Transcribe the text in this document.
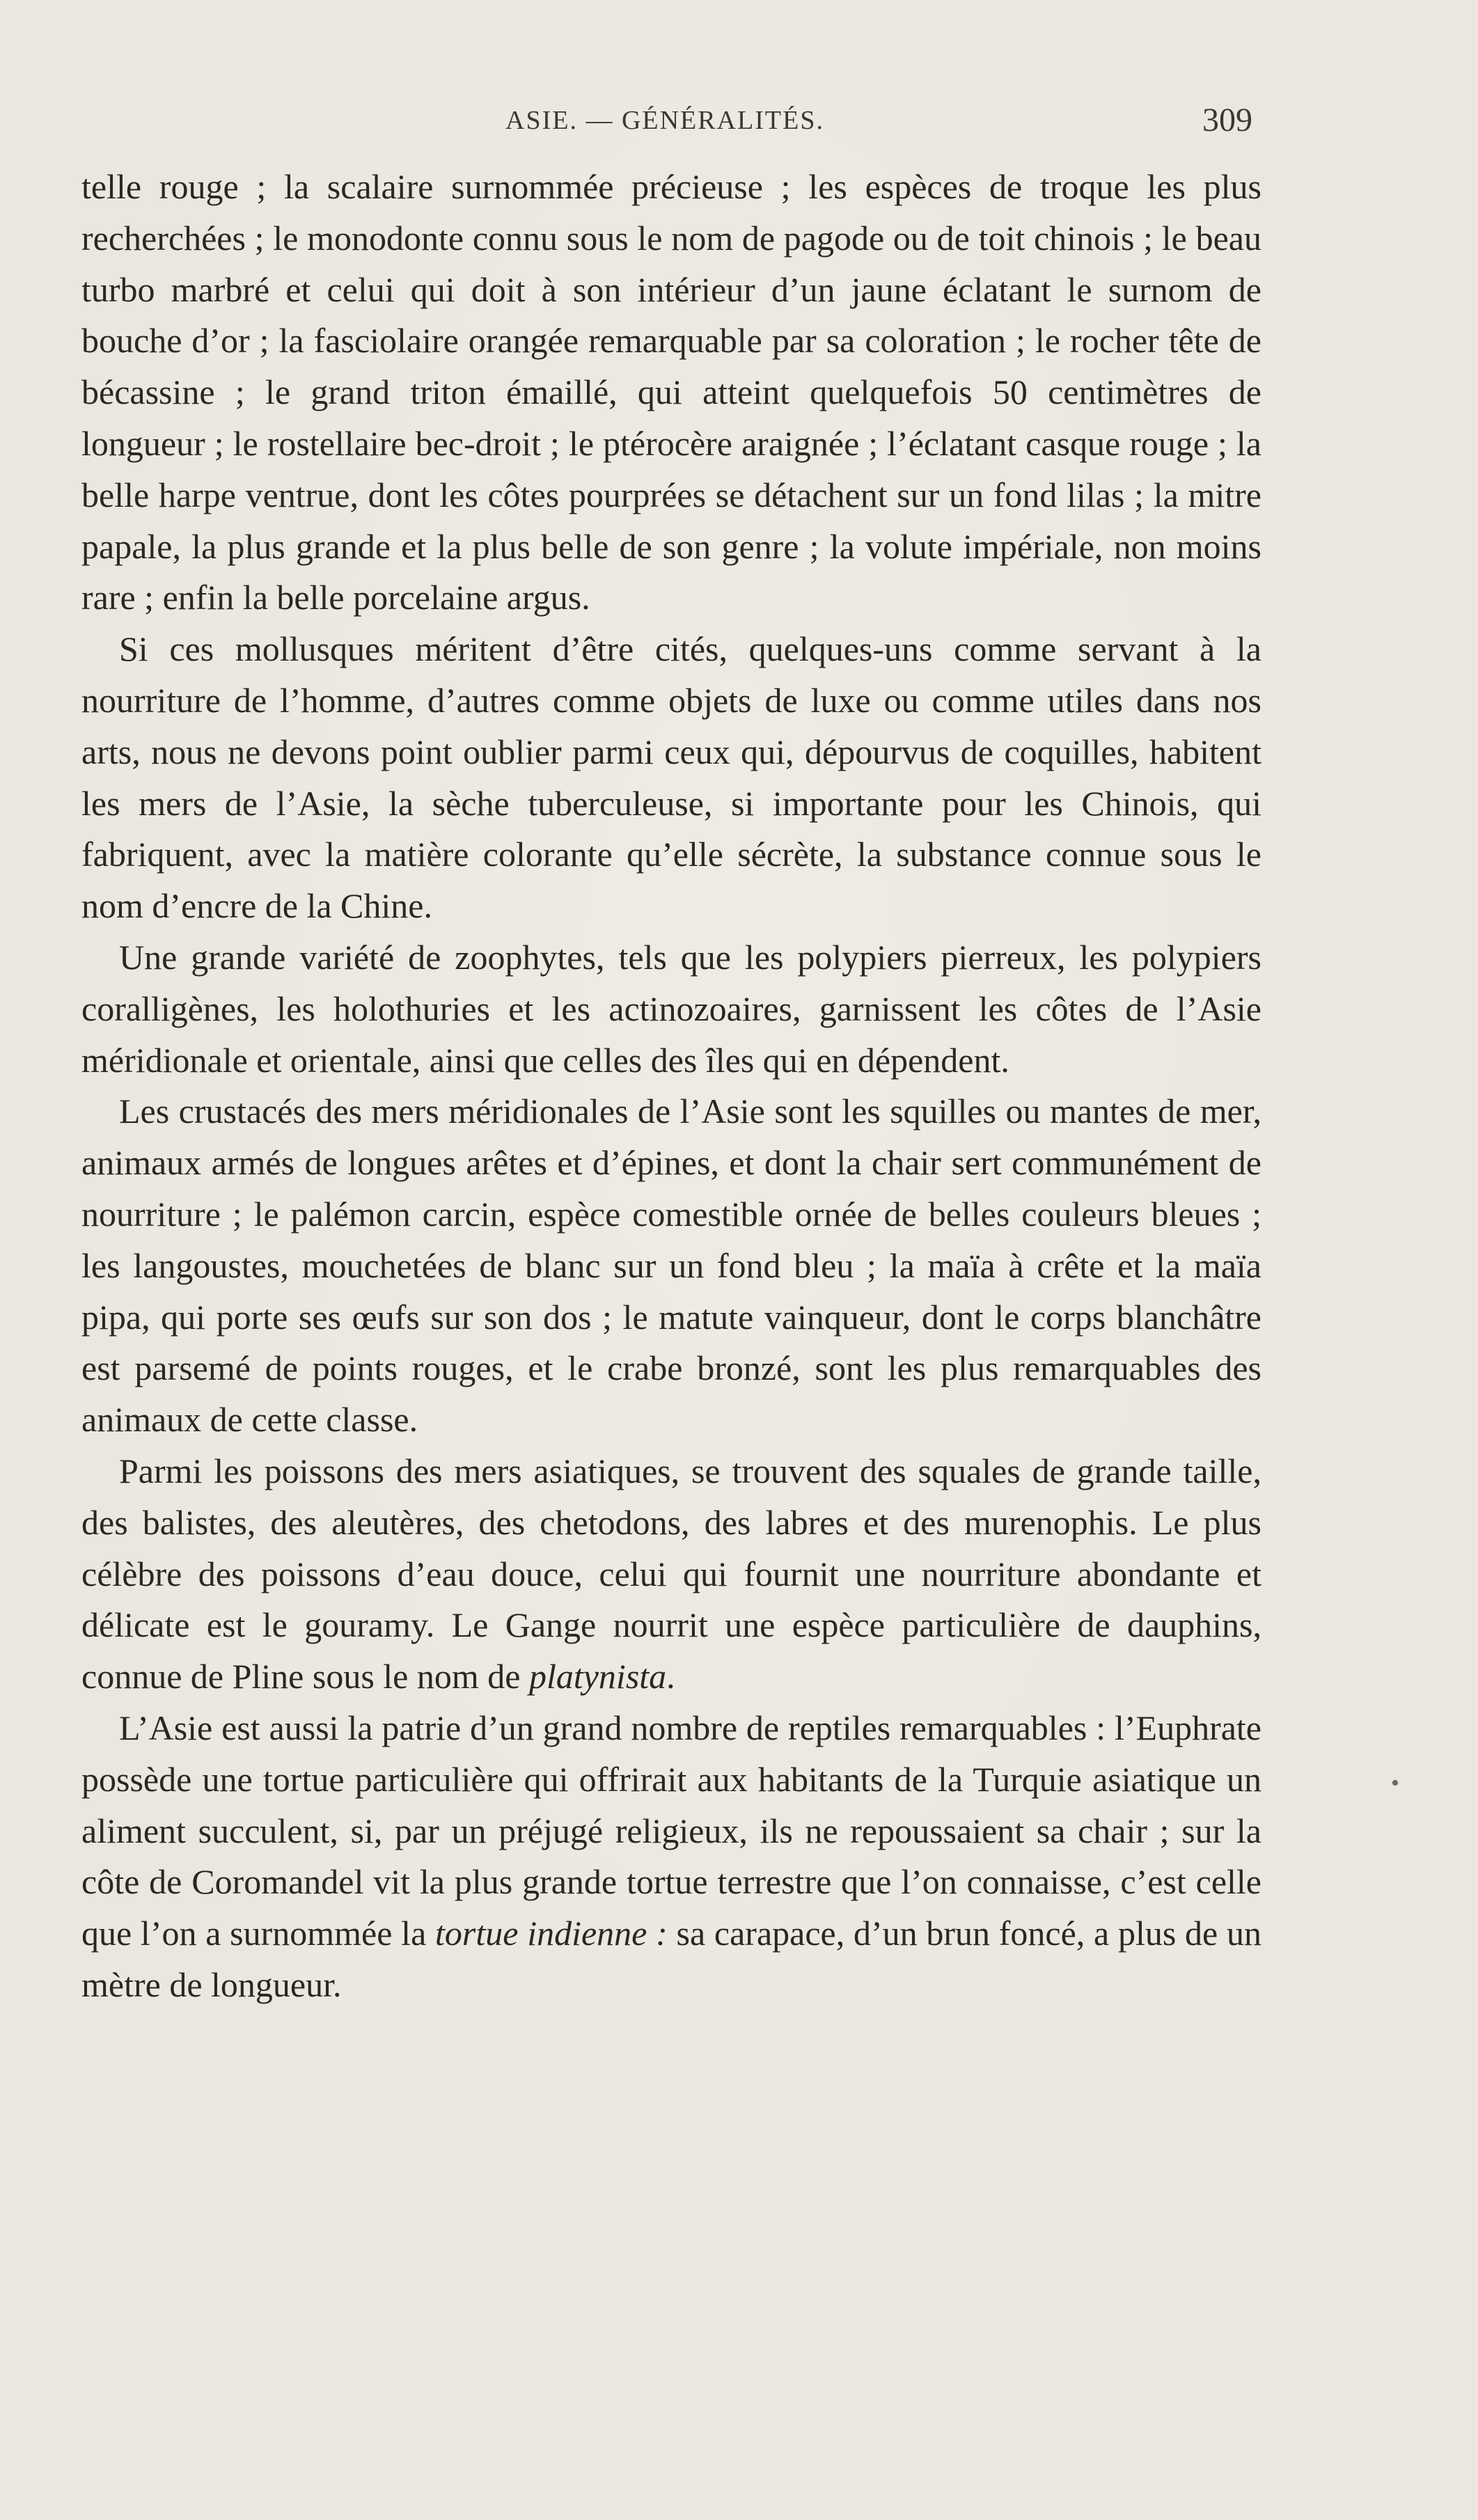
ASIE. — GÉNÉRALITÉS.	309

telle rouge ; la scalaire surnommée précieuse ; les espèces de troque les plus recherchées ; le monodonte connu sous le nom de pagode ou de toit chinois ; le beau turbo marbré et celui qui doit à son intérieur d’un jaune éclatant le surnom de bouche d’or ; la fasciolaire orangée remarquable par sa coloration ; le rocher tête de bécassine ; le grand triton émaillé, qui atteint quelquefois 50 centimètres de longueur ; le rostellaire bec-droit ; le ptérocère araignée ; l’éclatant casque rouge ; la belle harpe ventrue, dont les côtes pourprées se détachent sur un fond lilas ; la mitre papale, la plus grande et la plus belle de son genre ; la volute impériale, non moins rare ; enfin la belle porcelaine argus.

Si ces mollusques méritent d’être cités, quelques-uns comme servant à la nourriture de l’homme, d’autres comme objets de luxe ou comme utiles dans nos arts, nous ne devons point oublier parmi ceux qui, dépourvus de coquilles, habitent les mers de l’Asie, la sèche tuberculeuse, si importante pour les Chinois, qui fabriquent, avec la matière colorante qu’elle sécrète, la substance connue sous le nom d’encre de la Chine.

Une grande variété de zoophytes, tels que les polypiers pierreux, les polypiers coralligènes, les holothuries et les actinozoaires, garnissent les côtes de l’Asie méridionale et orientale, ainsi que celles des îles qui en dépendent.

Les crustacés des mers méridionales de l’Asie sont les squilles ou mantes de mer, animaux armés de longues arêtes et d’épines, et dont la chair sert communément de nourriture ; le palémon carcin, espèce comestible ornée de belles couleurs bleues ; les langoustes, mouchetées de blanc sur un fond bleu ; la maïa à crête et la maïa pipa, qui porte ses œufs sur son dos ; le matute vainqueur, dont le corps blanchâtre est parsemé de points rouges, et le crabe bronzé, sont les plus remarquables des animaux de cette classe.

Parmi les poissons des mers asiatiques, se trouvent des squales de grande taille, des balistes, des aleutères, des chetodons, des labres et des murenophis. Le plus célèbre des poissons d’eau douce, celui qui fournit une nourriture abondante et délicate est le gouramy. Le Gange nourrit une espèce particulière de dauphins, connue de Pline sous le nom de platynista.

L’Asie est aussi la patrie d’un grand nombre de reptiles remarquables : l’Euphrate possède une tortue particulière qui offrirait aux habitants de la Turquie asiatique un aliment succulent, si, par un préjugé religieux, ils ne repoussaient sa chair ; sur la côte de Coromandel vit la plus grande tortue terrestre que l’on connaisse, c’est celle que l’on a surnommée la tortue indienne : sa carapace, d’un brun foncé, a plus de un mètre de longueur.

•
